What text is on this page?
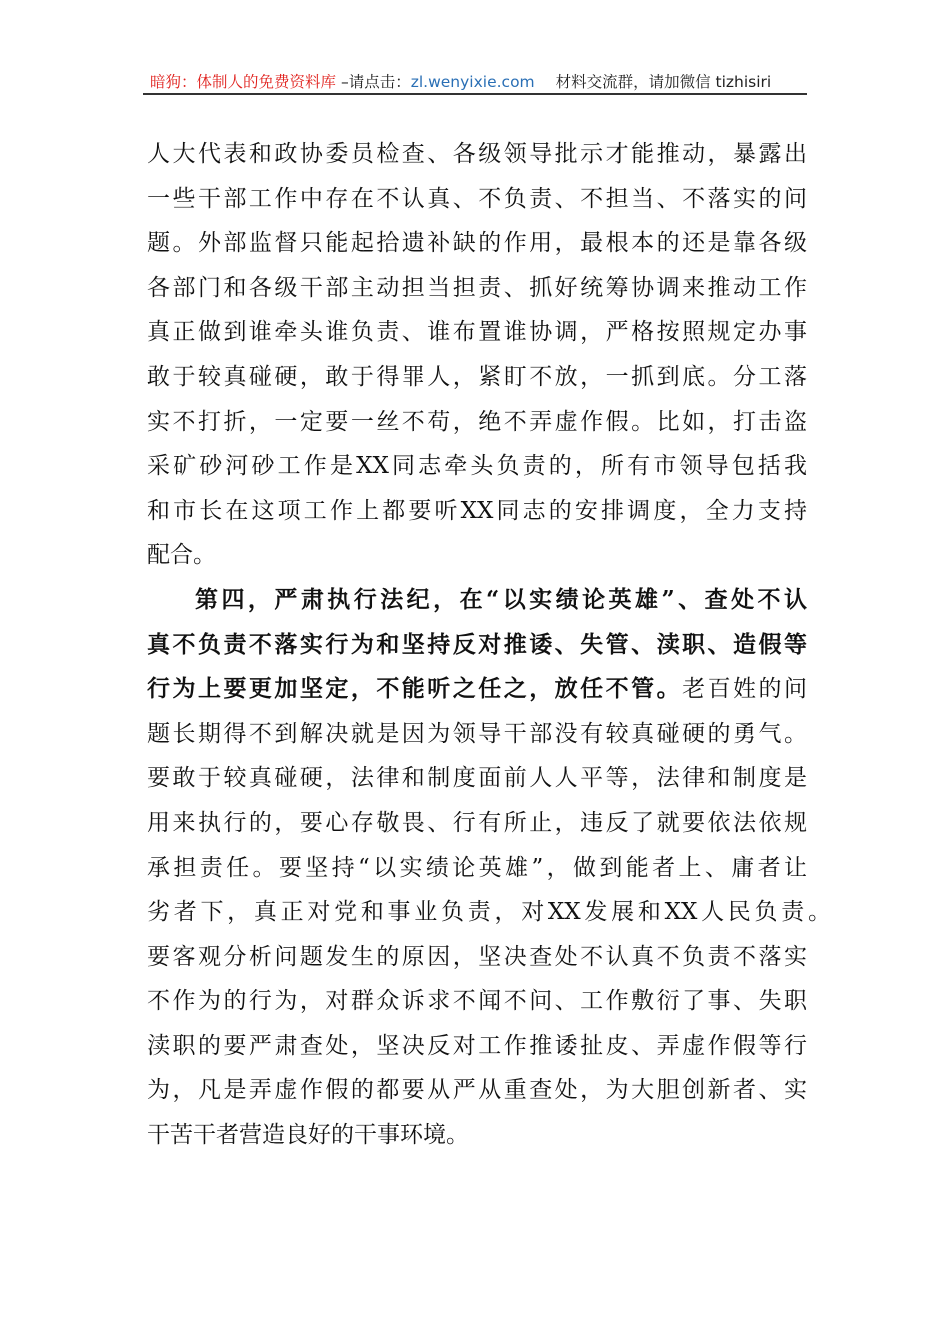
暗狗：体制人的免费资料库 –请点击：zl.wenyixie.com 材料交流群，请加微信 tizhisiri
人大代表和政协委员检查、各级领导批示才能推动，暴露出
一些干部工作中存在不认真、不负责、不担当、不落实的问
题。外部监督只能起拾遗补缺的作用，最根本的还是靠各级
各部门和各级干部主动担当担责、抓好统筹协调来推动工作
真正做到谁牵头谁负责、谁布置谁协调，严格按照规定办事
敢于较真碰硬，敢于得罪人，紧盯不放，一抓到底。分工落
实不打折，一定要一丝不苟，绝不弄虚作假。比如，打击盗
采矿砂河砂工作是XX同志牵头负责的，所有市领导包括我
和市长在这项工作上都要听XX同志的安排调度，全力支持
配合。
第四，严肃执行法纪，在“以实绩论英雄”、查处不认
真不负责不落实行为和坚持反对推诿、失管、渎职、造假等
行为上要更加坚定，不能听之任之，放任不管。老百姓的问
题长期得不到解决就是因为领导干部没有较真碰硬的勇气。
要敢于较真碰硬，法律和制度面前人人平等，法律和制度是
用来执行的，要心存敬畏、行有所止，违反了就要依法依规
承担责任。要坚持“以实绩论英雄”，做到能者上、庸者让
劣者下，真正对党和事业负责，对XX发展和XX人民负责。
要客观分析问题发生的原因，坚决查处不认真不负责不落实
不作为的行为，对群众诉求不闻不问、工作敷衍了事、失职
渎职的要严肃查处，坚决反对工作推诿扯皮、弄虚作假等行
为，凡是弄虚作假的都要从严从重查处，为大胆创新者、实
干苦干者营造良好的干事环境。
